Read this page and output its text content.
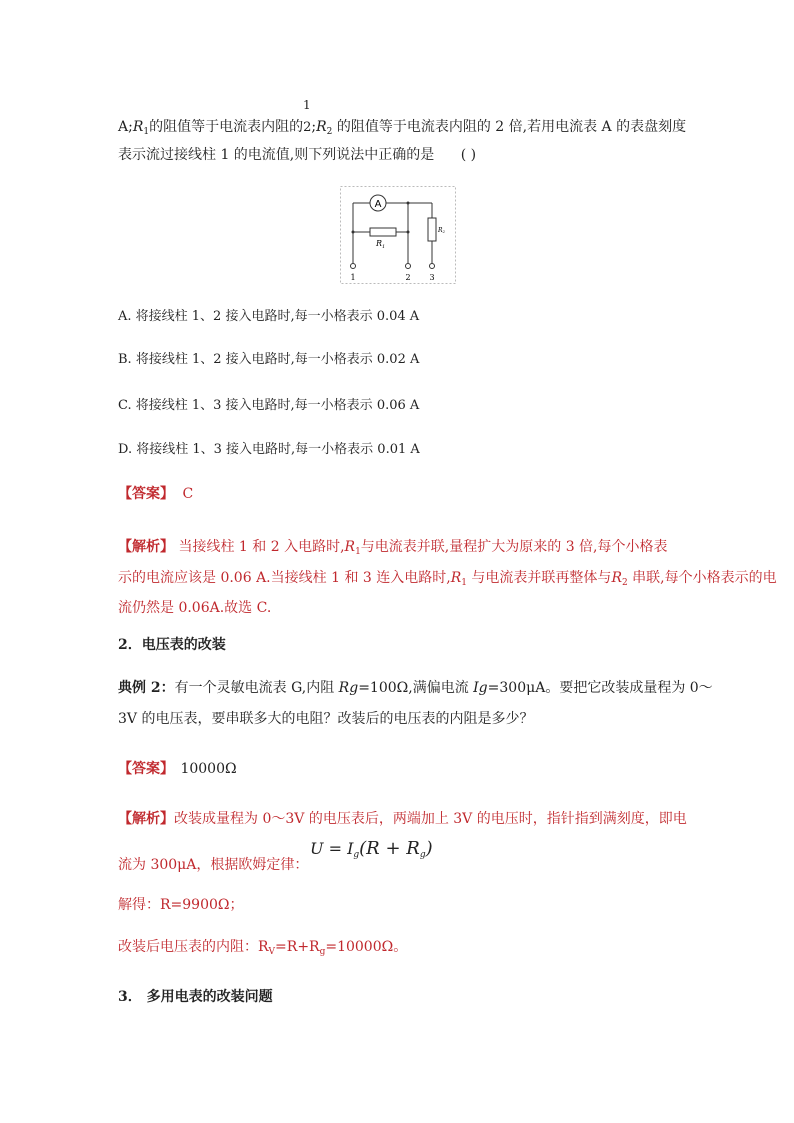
1
$A;R_1$的阻值等于电流表内阻的$2;R_2$ 的阻值等于电流表内阻的 2 倍,若用电流表 A 的表盘刻度
表示流过接线柱 1 的电流值,则下列说法中正确的是 ( )
A
$R_1$
R2
1	2 3
A. 将接线柱 1、2 接入电路时,每一小格表示 0.04 A
B. 将接线柱 1、2 接入电路时,每一小格表示 0.02 A
C. 将接线柱 1、3 接入电路时,每一小格表示 0.06 A
D. 将接线柱 1、3 接入电路时,每一小格表示 0.01 A
【答案】 C
【解析】 当接线柱 1 和 2 入电路时$,R_1$与电流表并联,量程扩大为原来的 3 倍,每个小格表
示的电流应该是 0.06 A.当接线柱 1 和 3 连入电路时$,R_1$ 与电流表并联再整体与$R_2$ 串联,每个小格表示的电
流仍然是 0.06A.故选 C.
2．电压表的改装
典例 2：有一个灵敏电流表 G,内阻 Rg=100Ω,满偏电流 Ig=300μA。要把它改装成量程为 0～
3V 的电压表，要串联多大的电阻？改装后的电压表的内阻是多少？
【答案】 10000Ω
【解析】改装成量程为 0～3V 的电压表后，两端加上 3V 的电压时，指针指到满刻度，即电
流为 300μA，根据欧姆定律：
$U = I_g(R + R_g)$
解得：R=9900Ω；
改装后电压表的内阻：$R_V=R+R_g=10000\Omega$。
3． 多用电表的改装问题
